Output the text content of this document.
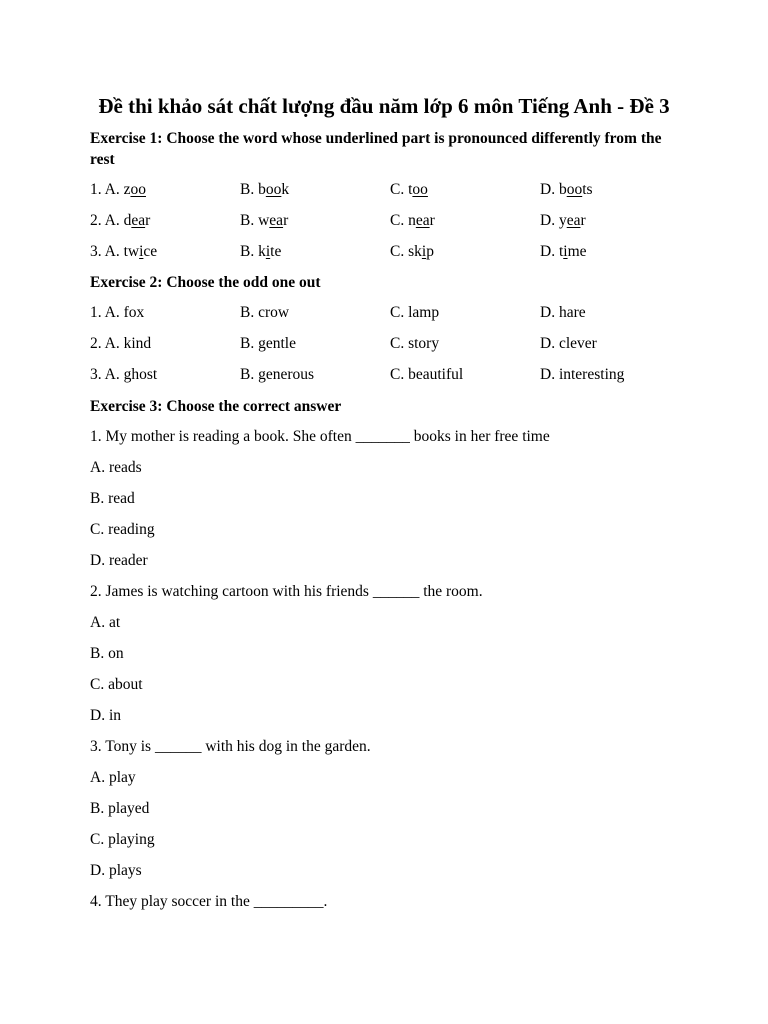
Đề thi khảo sát chất lượng đầu năm lớp 6 môn Tiếng Anh - Đề 3

Exercise 1: Choose the word whose underlined part is pronounced differently from the rest

1. A. zoo	B. book	C. too	D. boots
2. A. dear	B. wear	C. near	D. year
3. A. twice	B. kite	C. skip	D. time

Exercise 2: Choose the odd one out

1. A. fox	B. crow	C. lamp	D. hare
2. A. kind	B. gentle	C. story	D. clever
3. A. ghost	B. generous	C. beautiful	D. interesting

Exercise 3: Choose the correct answer

1. My mother is reading a book. She often _______ books in her free time

A. reads

B. read

C. reading

D. reader

2. James is watching cartoon with his friends ______ the room.

A. at

B. on

C. about

D. in

3. Tony is ______ with his dog in the garden.

A. play

B. played

C. playing

D. plays

4. They play soccer in the _________.
